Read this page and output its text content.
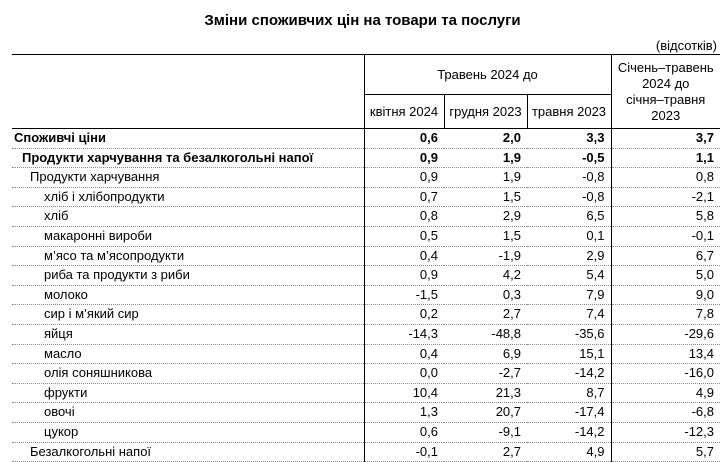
Зміни споживчих цін на товари та послуги
(відсотків)
	Травень 2024 до			Січень–травень
2024 до
січня–травня
2023

	квітня 2024	грудня 2023	травня 2023	
Споживчі ціни	0,6	2,0	3,3	3,7
Продукти харчування та безалкогольні напої	0,9	1,9	-0,5	1,1
Продукти харчування	0,9	1,9	-0,8	0,8
хліб і хлібопродукти	0,7	1,5	-0,8	-2,1
хліб	0,8	2,9	6,5	5,8
макаронні вироби	0,5	1,5	0,1	-0,1
м’ясо та м’ясопродукти	0,4	-1,9	2,9	6,7
риба та продукти з риби	0,9	4,2	5,4	5,0
молоко	-1,5	0,3	7,9	9,0
сир і м’який сир	0,2	2,7	7,4	7,8
яйця	-14,3	-48,8	-35,6	-29,6
масло	0,4	6,9	15,1	13,4
олія соняшникова	0,0	-2,7	-14,2	-16,0
фрукти	10,4	21,3	8,7	4,9
овочі	1,3	20,7	-17,4	-6,8
цукор	0,6	-9,1	-14,2	-12,3
Безалкогольні напої	-0,1	2,7	4,9	5,7
